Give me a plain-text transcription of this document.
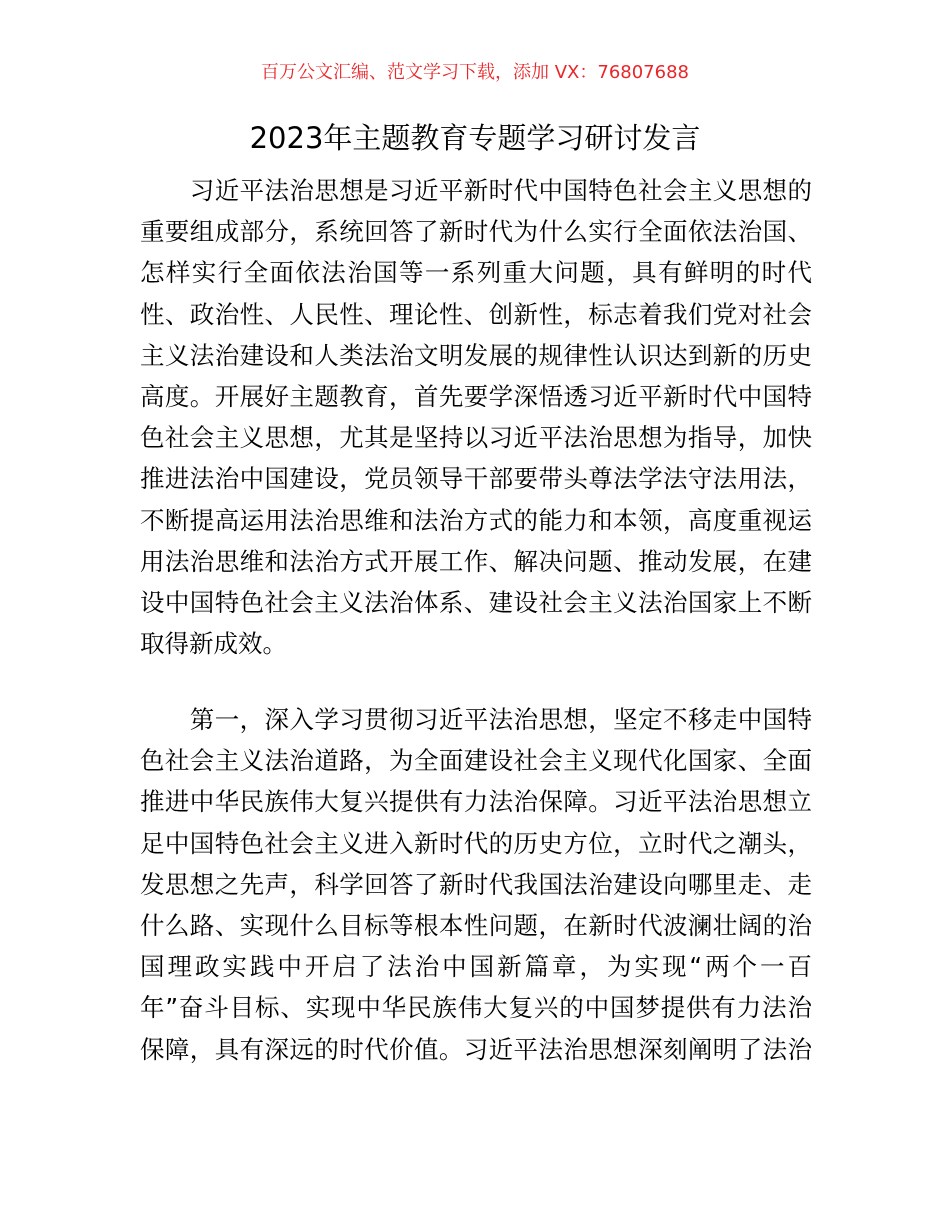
百万公文汇编、范文学习下载，添加 VX：76807688
2023年主题教育专题学习研讨发言
　　习近平法治思想是习近平新时代中国特色社会主义思想的
重要组成部分，系统回答了新时代为什么实行全面依法治国、
怎样实行全面依法治国等一系列重大问题，具有鲜明的时代
性、政治性、人民性、理论性、创新性，标志着我们党对社会
主义法治建设和人类法治文明发展的规律性认识达到新的历史
高度。开展好主题教育，首先要学深悟透习近平新时代中国特
色社会主义思想，尤其是坚持以习近平法治思想为指导，加快
推进法治中国建设，党员领导干部要带头尊法学法守法用法，
不断提高运用法治思维和法治方式的能力和本领，高度重视运
用法治思维和法治方式开展工作、解决问题、推动发展，在建
设中国特色社会主义法治体系、建设社会主义法治国家上不断
取得新成效。
　　第一，深入学习贯彻习近平法治思想，坚定不移走中国特
色社会主义法治道路，为全面建设社会主义现代化国家、全面
推进中华民族伟大复兴提供有力法治保障。习近平法治思想立
足中国特色社会主义进入新时代的历史方位，立时代之潮头，
发思想之先声，科学回答了新时代我国法治建设向哪里走、走
什么路、实现什么目标等根本性问题，在新时代波澜壮阔的治
国理政实践中开启了法治中国新篇章，为实现“两个一百
年”奋斗目标、实现中华民族伟大复兴的中国梦提供有力法治
保障，具有深远的时代价值。习近平法治思想深刻阐明了法治
